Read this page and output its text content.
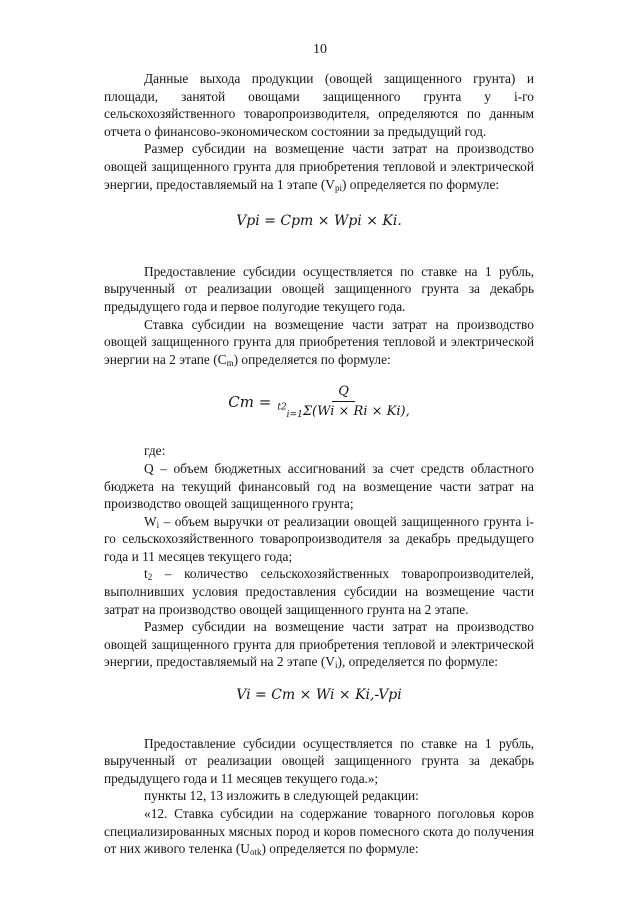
10

Данные выхода продукции (овощей защищенного грунта) и площади, занятой овощами защищенного грунта у i-го сельскохозяйственного товаропроизводителя, определяются по данным отчета о финансово-экономическом состоянии за предыдущий год.

Размер субсидии на возмещение части затрат на производство овощей защищенного грунта для приобретения тепловой и электрической энергии, предоставляемый на 1 этапе $(V_{pi})$ определяется по формуле:

Vpi = Cpm × Wpi × Ki.

Предоставление субсидии осуществляется по ставке на 1 рубль, вырученный от реализации овощей защищенного грунта за декабрь предыдущего года и первое полугодие текущего года.

Ставка субсидии на возмещение части затрат на производство овощей защищенного грунта для приобретения тепловой и электрической энергии на 2 этапе $(C_m)$ определяется по формуле:

$Cm = \frac{Q}{^{t2}_{i=1}\Sigma(Wi \times Ri \times Ki),}$

где:

Q – объем бюджетных ассигнований за счет средств областного бюджета на текущий финансовый год на возмещение части затрат на производство овощей защищенного грунта;

$W_i$ – объем выручки от реализации овощей защищенного грунта i-го сельскохозяйственного товаропроизводителя за декабрь предыдущего года и 11 месяцев текущего года;

$t_2$ – количество сельскохозяйственных товаропроизводителей, выполнивших условия предоставления субсидии на возмещение части затрат на производство овощей защищенного грунта на 2 этапе.

Размер субсидии на возмещение части затрат на производство овощей защищенного грунта для приобретения тепловой и электрической энергии, предоставляемый на 2 этапе $(V_i)$, определяется по формуле:

Vi = Cm × Wi × Ki,-Vpi

Предоставление субсидии осуществляется по ставке на 1 рубль, вырученный от реализации овощей защищенного грунта за декабрь предыдущего года и 11 месяцев текущего года.»;

пункты 12, 13 изложить в следующей редакции:

«12. Ставка субсидии на содержание товарного поголовья коров специализированных мясных пород и коров помесного скота до получения от них живого теленка $(U_{otk})$ определяется по формуле:
